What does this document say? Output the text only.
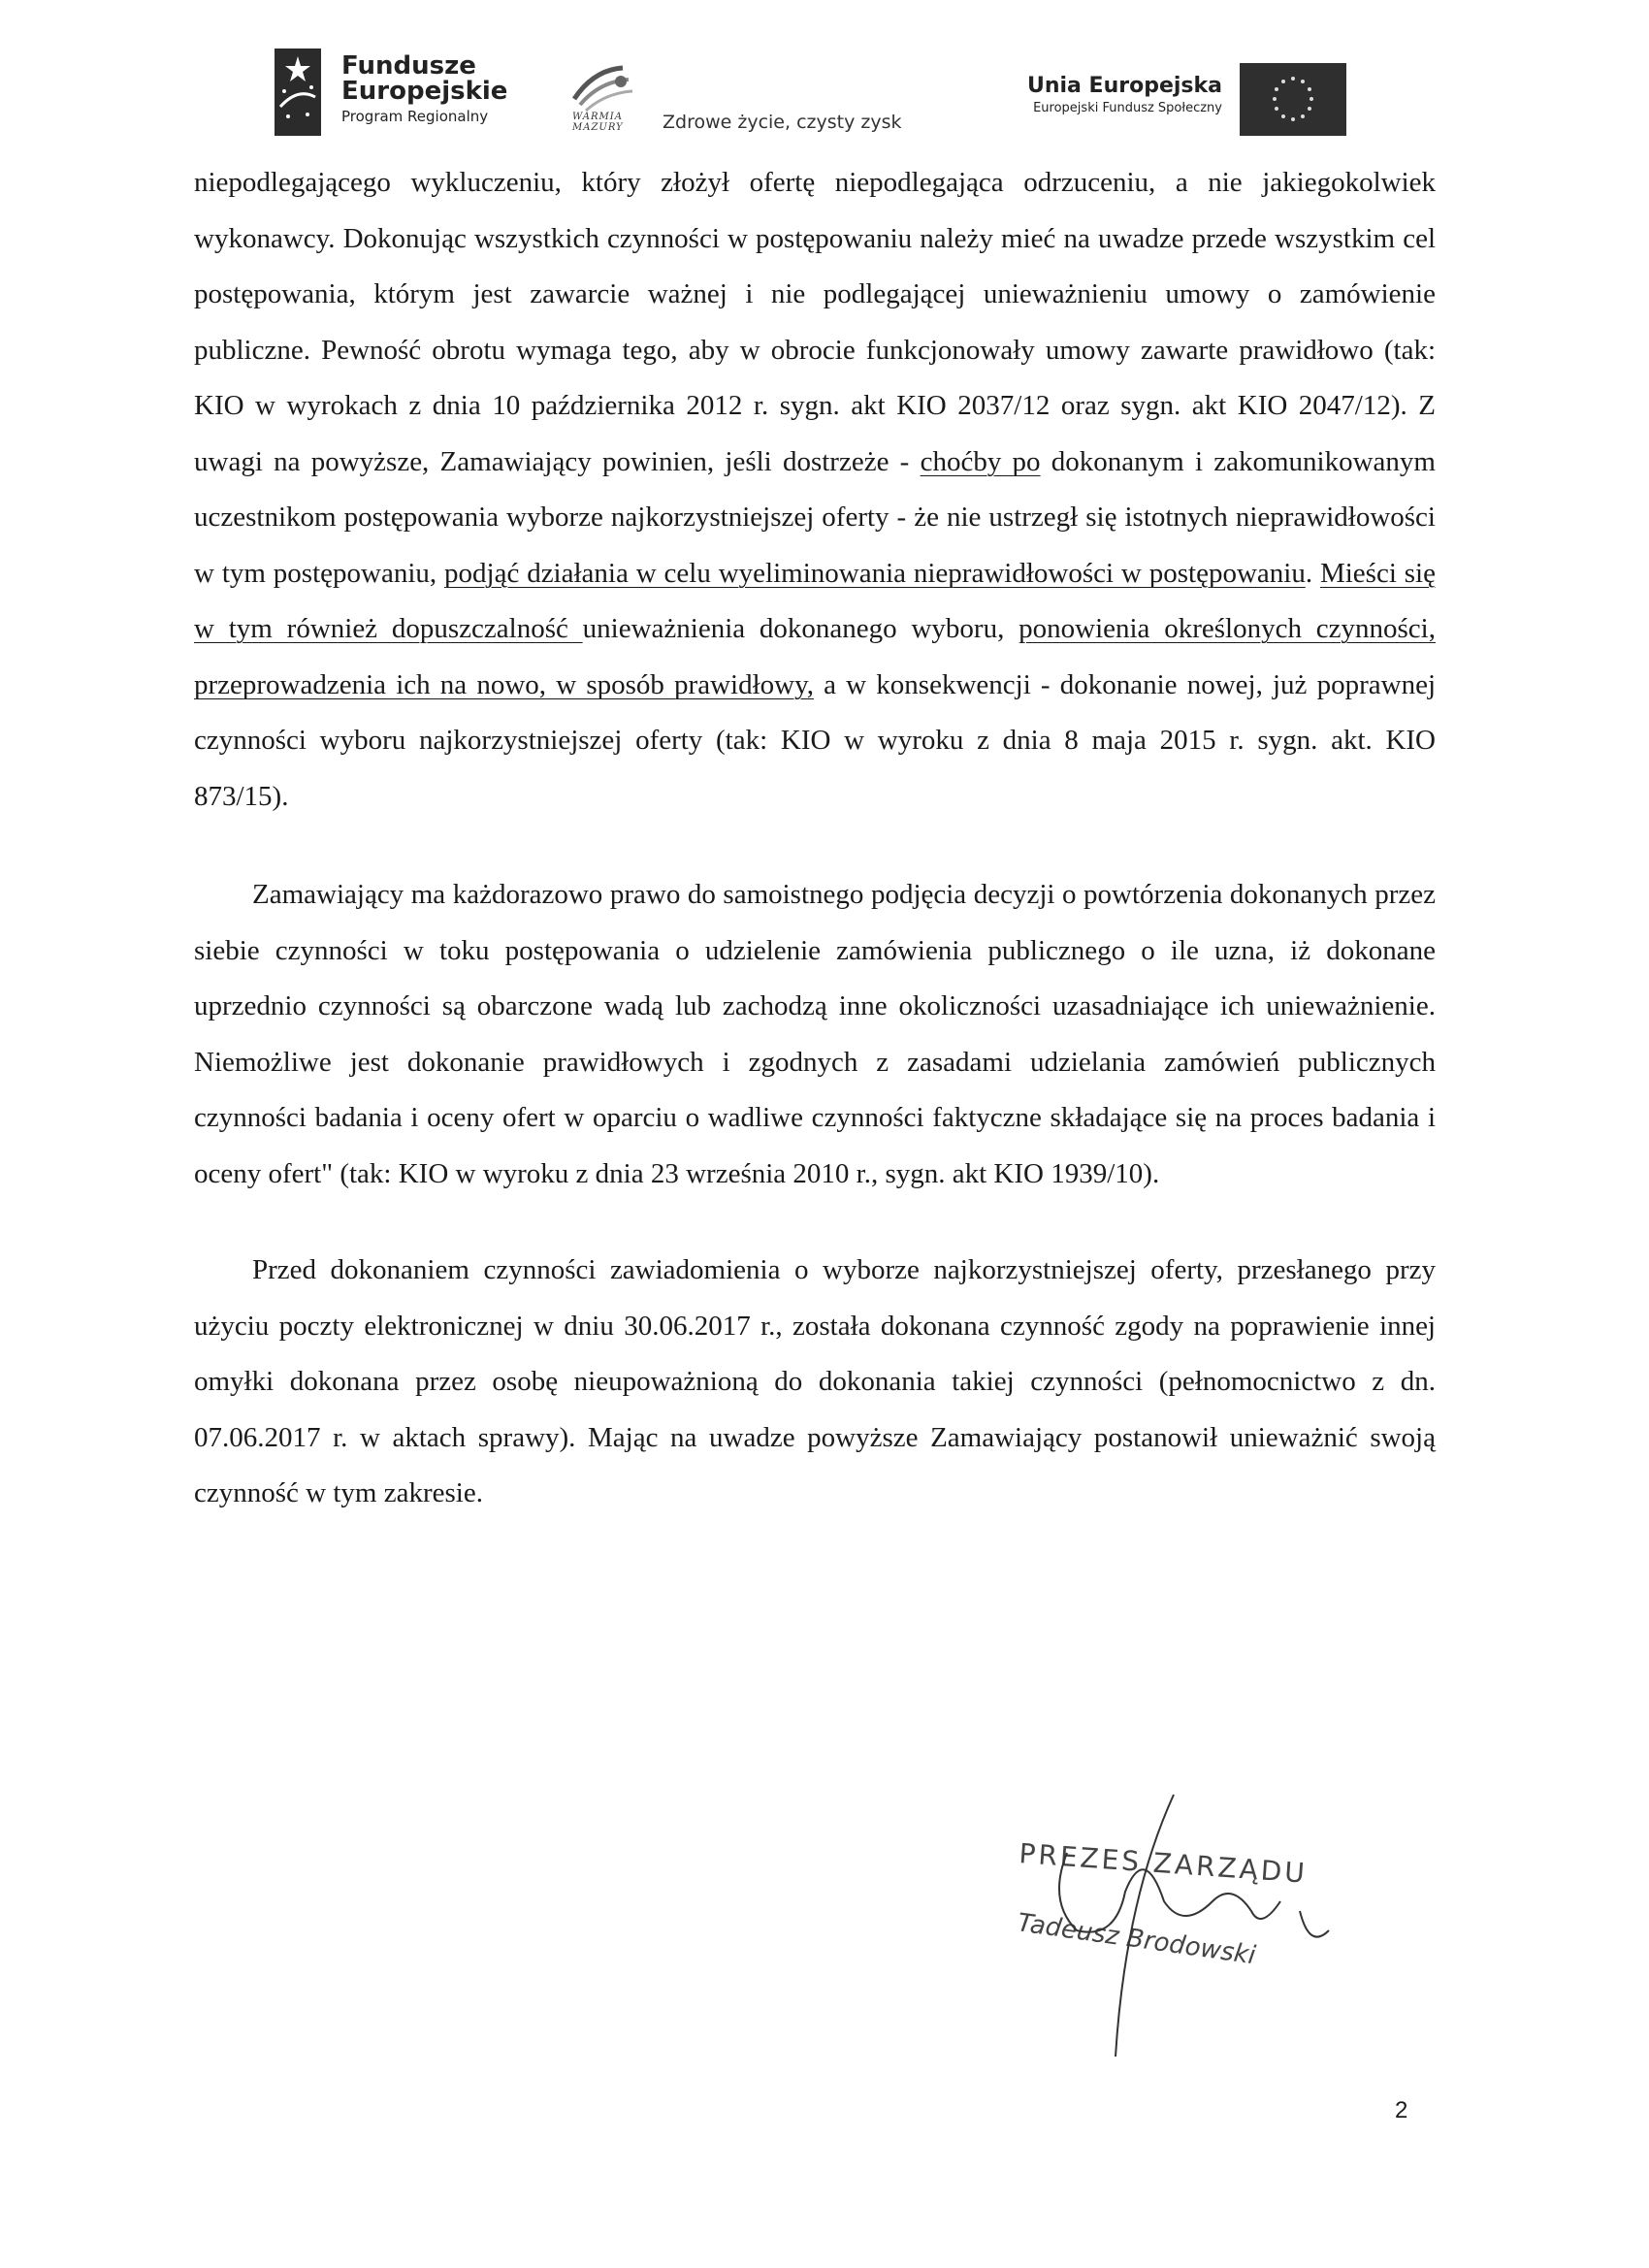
Fundusze
Europejskie
Program Regionalny	WARMIA
MAZURY Zdrowe życie, czysty zysk
Unia Europejska
Europejski Fundusz Społeczny

niepodlegającego wykluczeniu, który złożył ofertę niepodlegająca odrzuceniu, a nie jakiegokolwiek wykonawcy. Dokonując wszystkich czynności w postępowaniu należy mieć na uwadze przede wszystkim cel postępowania, którym jest zawarcie ważnej i nie podlegającej unieważnieniu umowy o zamówienie publiczne. Pewność obrotu wymaga tego, aby w obrocie funkcjonowały umowy zawarte prawidłowo (tak: KIO w wyrokach z dnia 10 października 2012 r. sygn. akt KIO 2037/12 oraz sygn. akt KIO 2047/12). Z uwagi na powyższe, Zamawiający powinien, jeśli dostrzeże - choćby po dokonanym i zakomunikowanym uczestnikom postępowania wyborze najkorzystniejszej oferty - że nie ustrzegł się istotnych nieprawidłowości w tym postępowaniu, podjąć działania w celu wyeliminowania nieprawidłowości w postępowaniu. Mieści się w tym również dopuszczalność unieważnienia dokonanego wyboru, ponowienia określonych czynności, przeprowadzenia ich na nowo, w sposób prawidłowy, a w konsekwencji - dokonanie nowej, już poprawnej czynności wyboru najkorzystniejszej oferty (tak: KIO w wyroku z dnia 8 maja 2015 r. sygn. akt. KIO 873/15).

Zamawiający ma każdorazowo prawo do samoistnego podjęcia decyzji o powtórzenia dokonanych przez siebie czynności w toku postępowania o udzielenie zamówienia publicznego o ile uzna, iż dokonane uprzednio czynności są obarczone wadą lub zachodzą inne okoliczności uzasadniające ich unieważnienie. Niemożliwe jest dokonanie prawidłowych i zgodnych z zasadami udzielania zamówień publicznych czynności badania i oceny ofert w oparciu o wadliwe czynności faktyczne składające się na proces badania i oceny ofert" (tak: KIO w wyroku z dnia 23 września 2010 r., sygn. akt KIO 1939/10).

Przed dokonaniem czynności zawiadomienia o wyborze najkorzystniejszej oferty, przesłanego przy użyciu poczty elektronicznej w dniu 30.06.2017 r., została dokonana czynność zgody na poprawienie innej omyłki dokonana przez osobę nieupoważnioną do dokonania takiej czynności (pełnomocnictwo z dn. 07.06.2017 r. w aktach sprawy). Mając na uwadze powyższe Zamawiający postanowił unieważnić swoją czynność w tym zakresie.

PREZES ZARZĄDU
Tadeusz Brodowski
2
